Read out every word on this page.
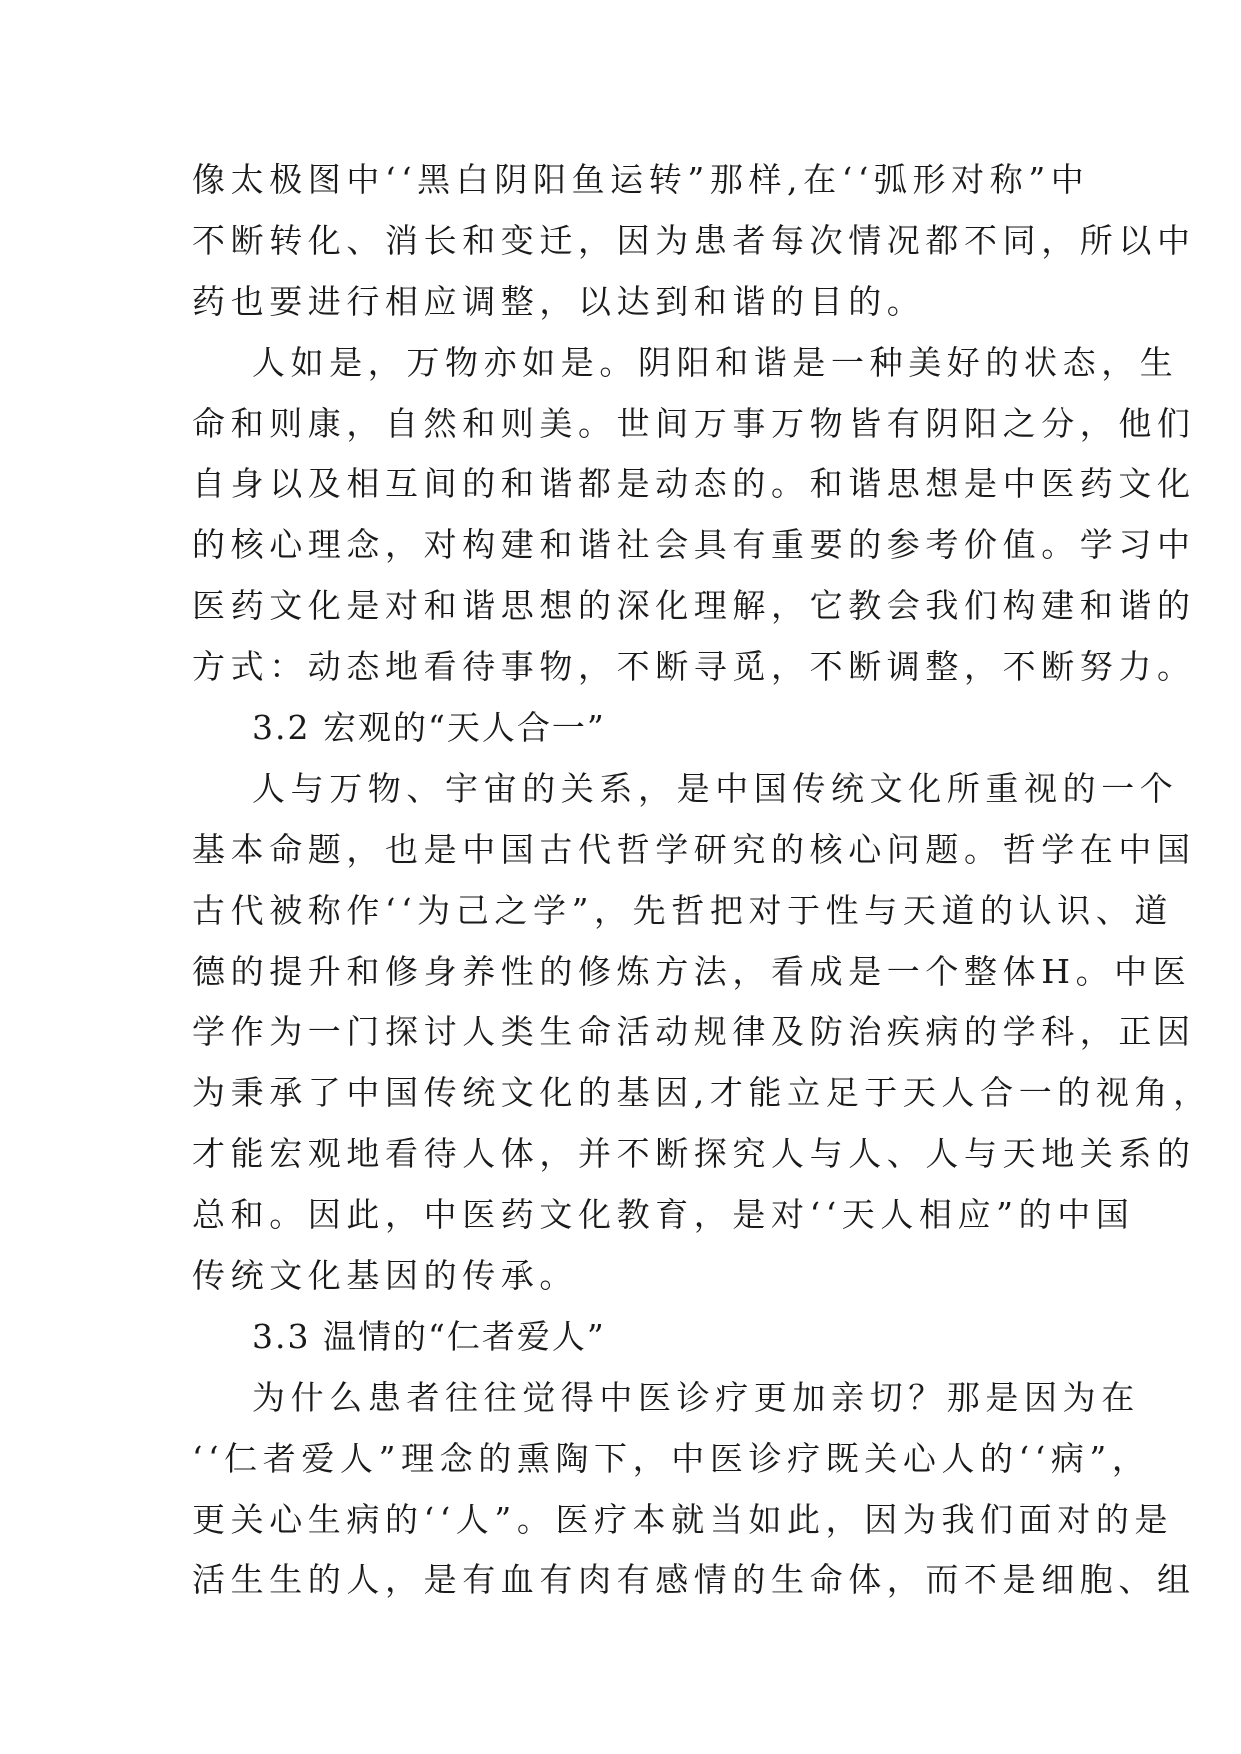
像太极图中‘‘黑白阴阳鱼运转”那样,在‘‘弧形对称”中
不断转化、消长和变迁，因为患者每次情况都不同，所以中
药也要进行相应调整，以达到和谐的目的。
人如是，万物亦如是。阴阳和谐是一种美好的状态，生
命和则康，自然和则美。世间万事万物皆有阴阳之分，他们
自身以及相互间的和谐都是动态的。和谐思想是中医药文化
的核心理念，对构建和谐社会具有重要的参考价值。学习中
医药文化是对和谐思想的深化理解，它教会我们构建和谐的
方式：动态地看待事物，不断寻觅，不断调整，不断努力。
3.2 宏观的“天人合一”
人与万物、宇宙的关系，是中国传统文化所重视的一个
基本命题，也是中国古代哲学研究的核心问题。哲学在中国
古代被称作‘‘为己之学”，先哲把对于性与天道的认识、道
德的提升和修身养性的修炼方法，看成是一个整体H。中医
学作为一门探讨人类生命活动规律及防治疾病的学科，正因
为秉承了中国传统文化的基因,才能立足于天人合一的视角，
才能宏观地看待人体，并不断探究人与人、人与天地关系的
总和。因此，中医药文化教育，是对‘‘天人相应”的中国
传统文化基因的传承。
3.3 温情的“仁者爱人”
为什么患者往往觉得中医诊疗更加亲切？那是因为在
‘‘仁者爱人”理念的熏陶下，中医诊疗既关心人的‘‘病”，
更关心生病的‘‘人”。医疗本就当如此，因为我们面对的是
活生生的人，是有血有肉有感情的生命体，而不是细胞、组
